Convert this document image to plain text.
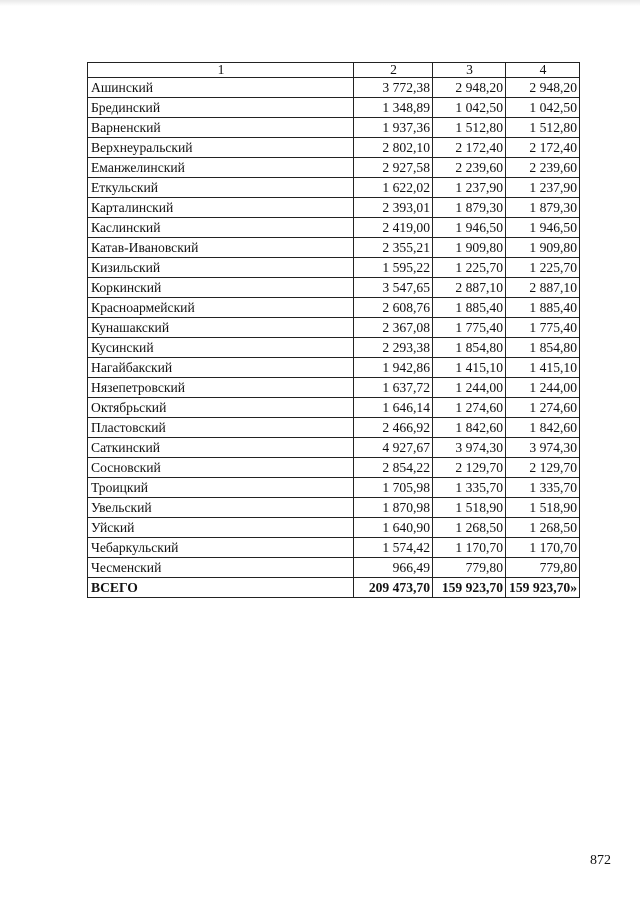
1	2	3	4
Ашинский	3 772,38	2 948,20	2 948,20
Брединский	1 348,89	1 042,50	1 042,50
Варненский	1 937,36	1 512,80	1 512,80
Верхнеуральский	2 802,10	2 172,40	2 172,40
Еманжелинский	2 927,58	2 239,60	2 239,60
Еткульский	1 622,02	1 237,90	1 237,90
Карталинский	2 393,01	1 879,30	1 879,30
Каслинский	2 419,00	1 946,50	1 946,50
Катав-Ивановский	2 355,21	1 909,80	1 909,80
Кизильский	1 595,22	1 225,70	1 225,70
Коркинский	3 547,65	2 887,10	2 887,10
Красноармейский	2 608,76	1 885,40	1 885,40
Кунашакский	2 367,08	1 775,40	1 775,40
Кусинский	2 293,38	1 854,80	1 854,80
Нагайбакский	1 942,86	1 415,10	1 415,10
Нязепетровский	1 637,72	1 244,00	1 244,00
Октябрьский	1 646,14	1 274,60	1 274,60
Пластовский	2 466,92	1 842,60	1 842,60
Саткинский	4 927,67	3 974,30	3 974,30
Сосновский	2 854,22	2 129,70	2 129,70
Троицкий	1 705,98	1 335,70	1 335,70
Увельский	1 870,98	1 518,90	1 518,90
Уйский	1 640,90	1 268,50	1 268,50
Чебаркульский	1 574,42	1 170,70	1 170,70
Чесменский	966,49	779,80	779,80
ВСЕГО	209 473,70	159 923,70	159 923,70»
872
